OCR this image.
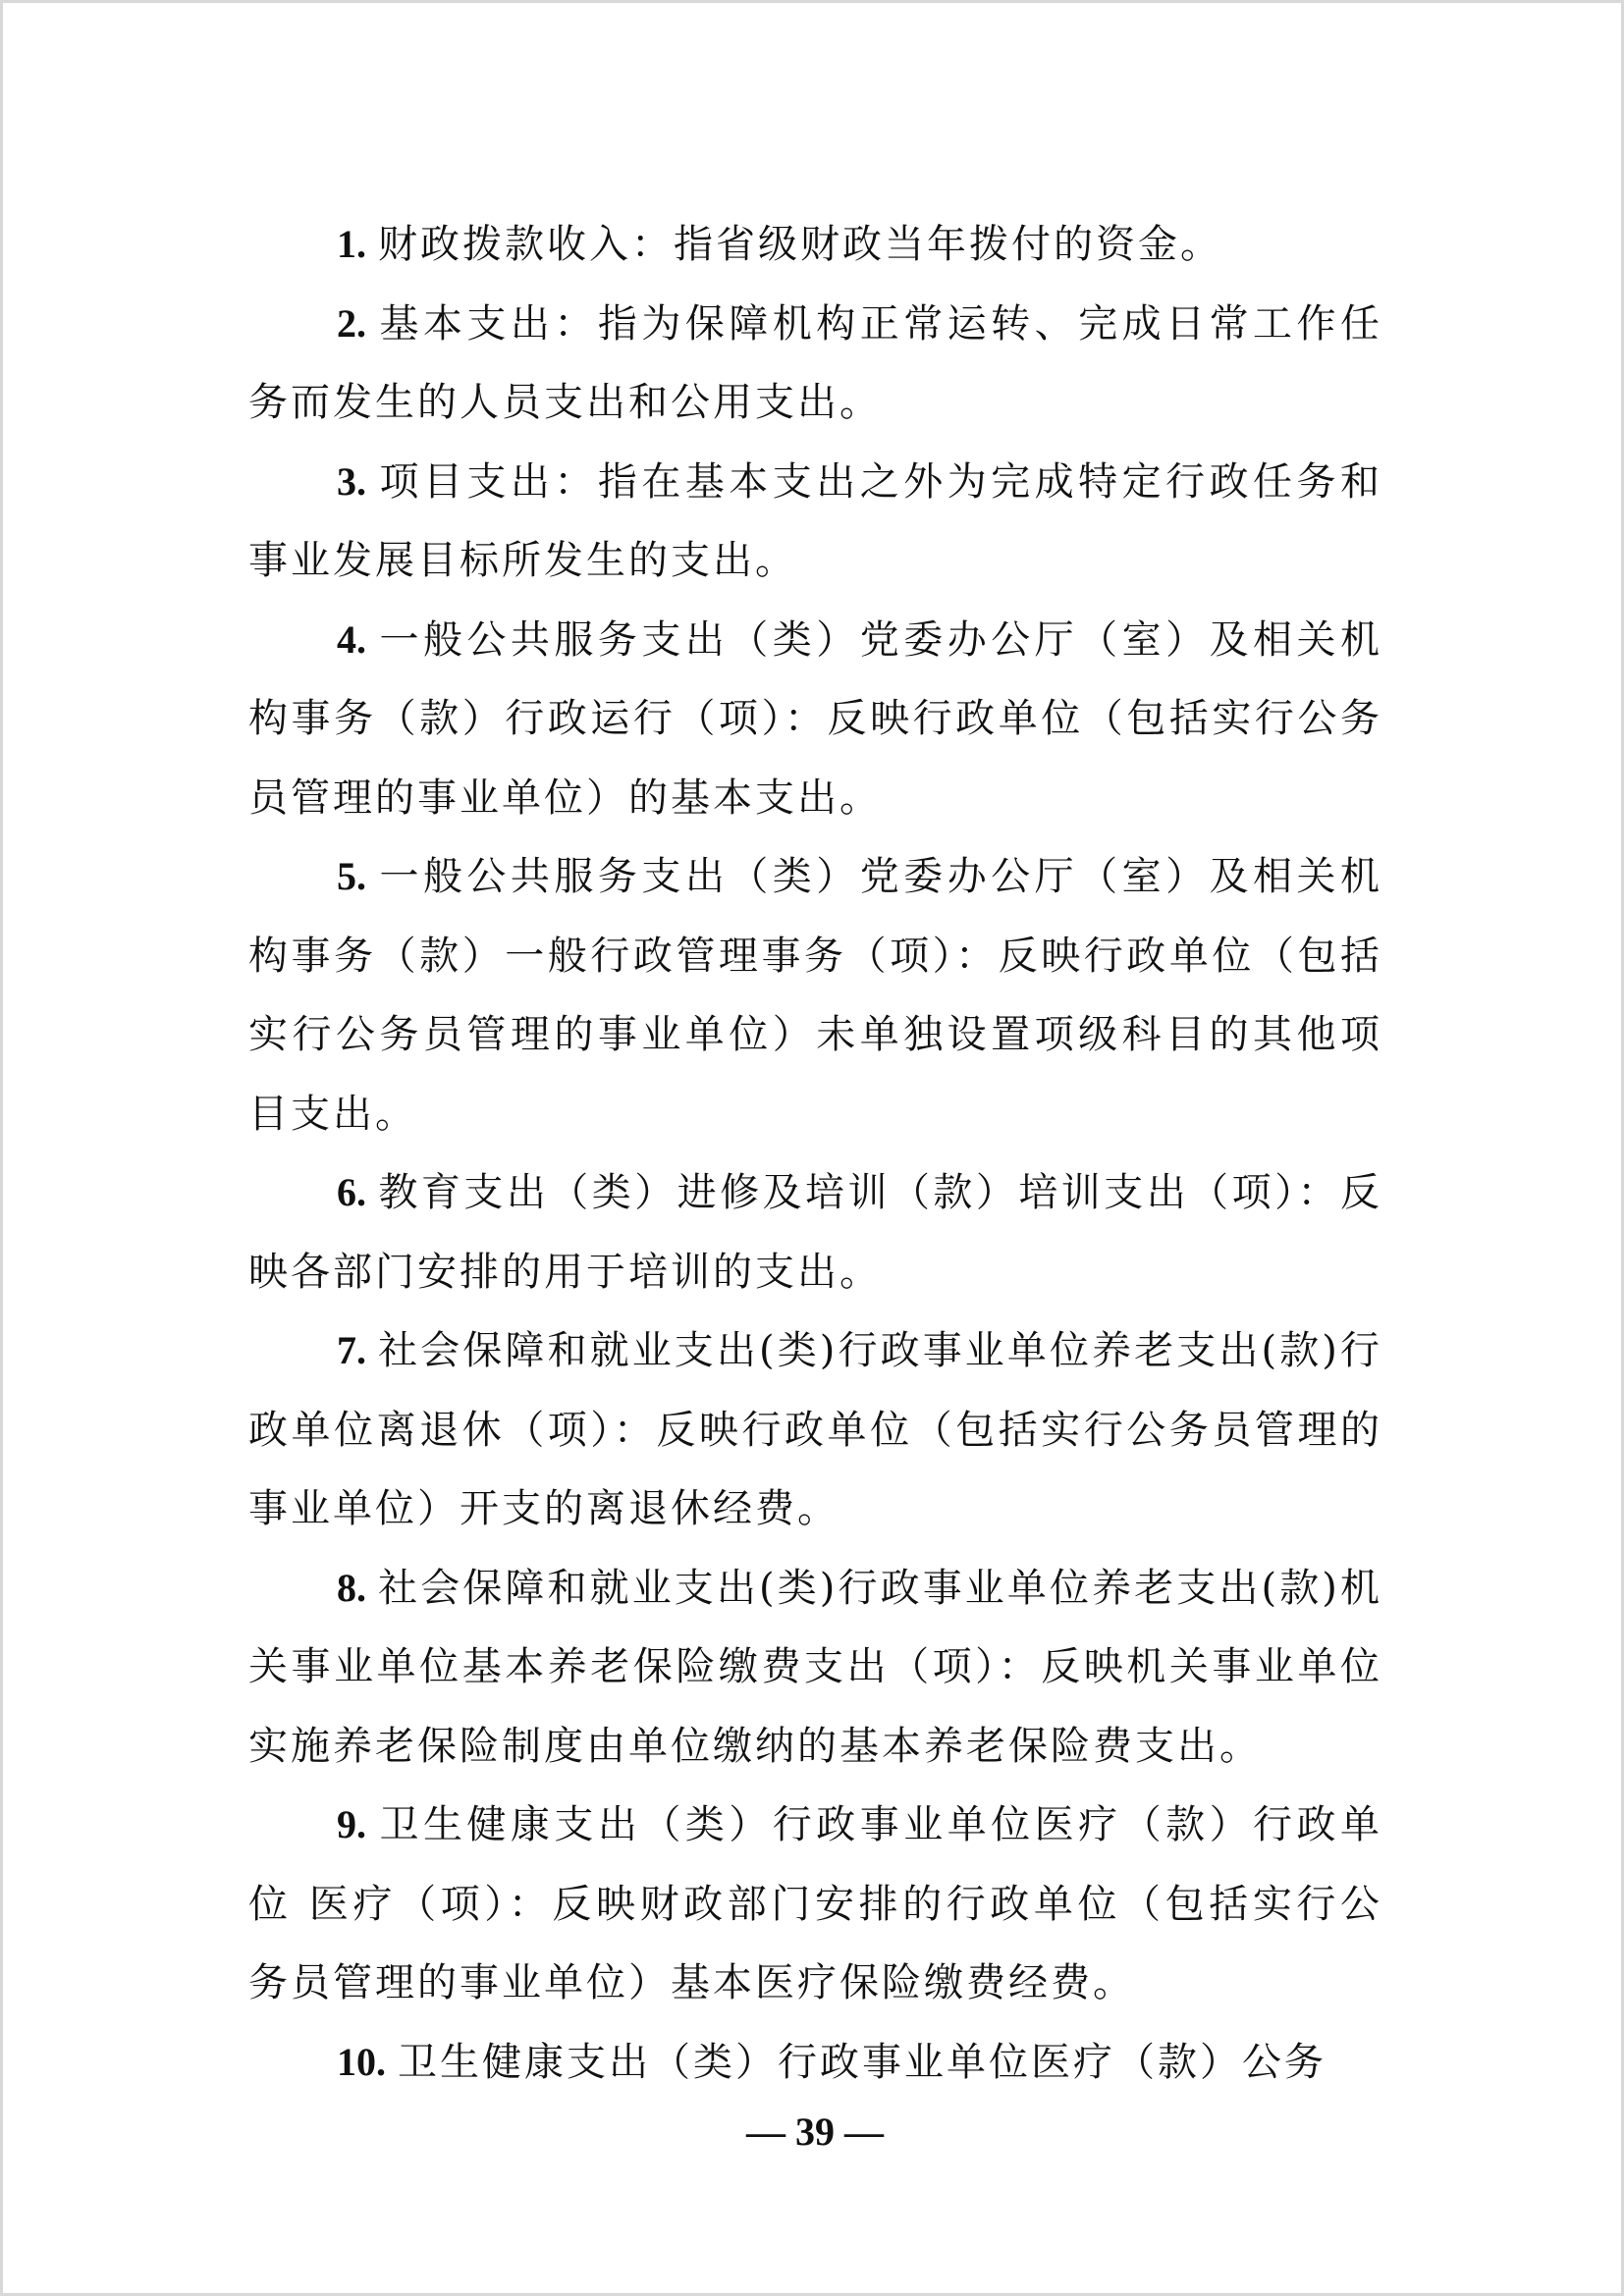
1. 财政拨款收入：指省级财政当年拨付的资金。

2. 基本支出：指为保障机构正常运转、完成日常工作任务而发生的人员支出和公用支出。

3. 项目支出：指在基本支出之外为完成特定行政任务和事业发展目标所发生的支出。

4. 一般公共服务支出（类）党委办公厅（室）及相关机构事务（款）行政运行（项）：反映行政单位（包括实行公务员管理的事业单位）的基本支出。

5. 一般公共服务支出（类）党委办公厅（室）及相关机构事务（款）一般行政管理事务（项）：反映行政单位（包括实行公务员管理的事业单位）未单独设置项级科目的其他项目支出。

6. 教育支出（类）进修及培训（款）培训支出（项）：反映各部门安排的用于培训的支出。

7. 社会保障和就业支出(类)行政事业单位养老支出(款)行政单位离退休（项）：反映行政单位（包括实行公务员管理的事业单位）开支的离退休经费。

8. 社会保障和就业支出(类)行政事业单位养老支出(款)机关事业单位基本养老保险缴费支出（项）：反映机关事业单位实施养老保险制度由单位缴纳的基本养老保险费支出。

9. 卫生健康支出（类）行政事业单位医疗（款）行政单位 医疗（项）：反映财政部门安排的行政单位（包括实行公务员管理的事业单位）基本医疗保险缴费经费。

10. 卫生健康支出（类）行政事业单位医疗（款）公务

— 39 —
